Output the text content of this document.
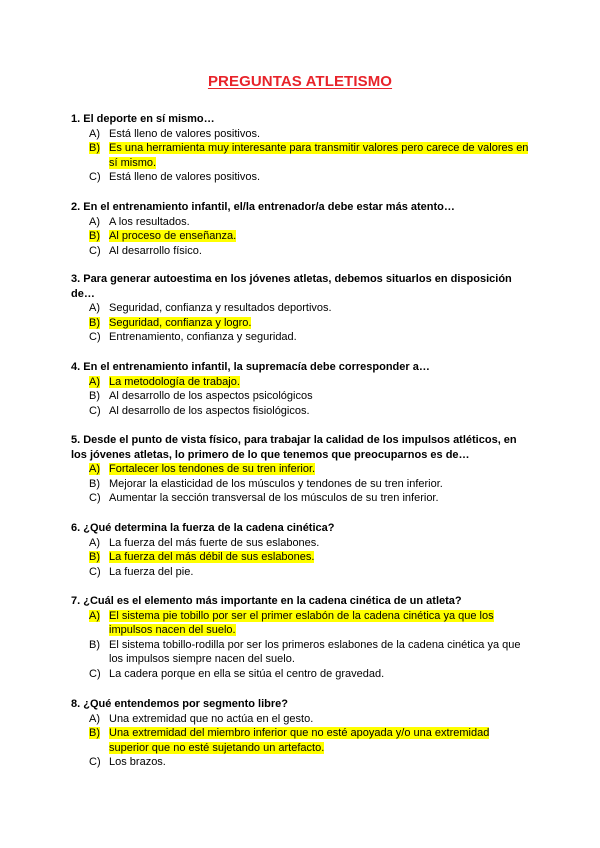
PREGUNTAS ATLETISMO

1. El deporte en sí mismo…

A) Está lleno de valores positivos.
B) Es una herramienta muy interesante para transmitir valores pero carece de valores en sí mismo.
C) Está lleno de valores positivos.

2. En el entrenamiento infantil, el/la entrenador/a debe estar más atento…

A) A los resultados.
B) Al proceso de enseñanza.
C) Al desarrollo físico.

3. Para generar autoestima en los jóvenes atletas, debemos situarlos en disposición de…

A) Seguridad, confianza y resultados deportivos.
B) Seguridad, confianza y logro.
C) Entrenamiento, confianza y seguridad.

4. En el entrenamiento infantil, la supremacía debe corresponder a…

A) La metodología de trabajo.
B) Al desarrollo de los aspectos psicológicos
C) Al desarrollo de los aspectos fisiológicos.

5. Desde el punto de vista físico, para trabajar la calidad de los impulsos atléticos, en los jóvenes atletas, lo primero de lo que tenemos que preocuparnos es de…

A) Fortalecer los tendones de su tren inferior.
B) Mejorar la elasticidad de los músculos y tendones de su tren inferior.
C) Aumentar la sección transversal de los músculos de su tren inferior.

6. ¿Qué determina la fuerza de la cadena cinética?

A) La fuerza del más fuerte de sus eslabones.
B) La fuerza del más débil de sus eslabones.
C) La fuerza del pie.

7. ¿Cuál es el elemento más importante en la cadena cinética de un atleta?

A) El sistema pie tobillo por ser el primer eslabón de la cadena cinética ya que los impulsos nacen del suelo.
B) El sistema tobillo-rodilla por ser los primeros eslabones de la cadena cinética ya que los impulsos siempre nacen del suelo.
C) La cadera porque en ella se sitúa el centro de gravedad.

8. ¿Qué entendemos por segmento libre?

A) Una extremidad que no actúa en el gesto.
B) Una extremidad del miembro inferior que no esté apoyada y/o una extremidad superior que no esté sujetando un artefacto.
C) Los brazos.
